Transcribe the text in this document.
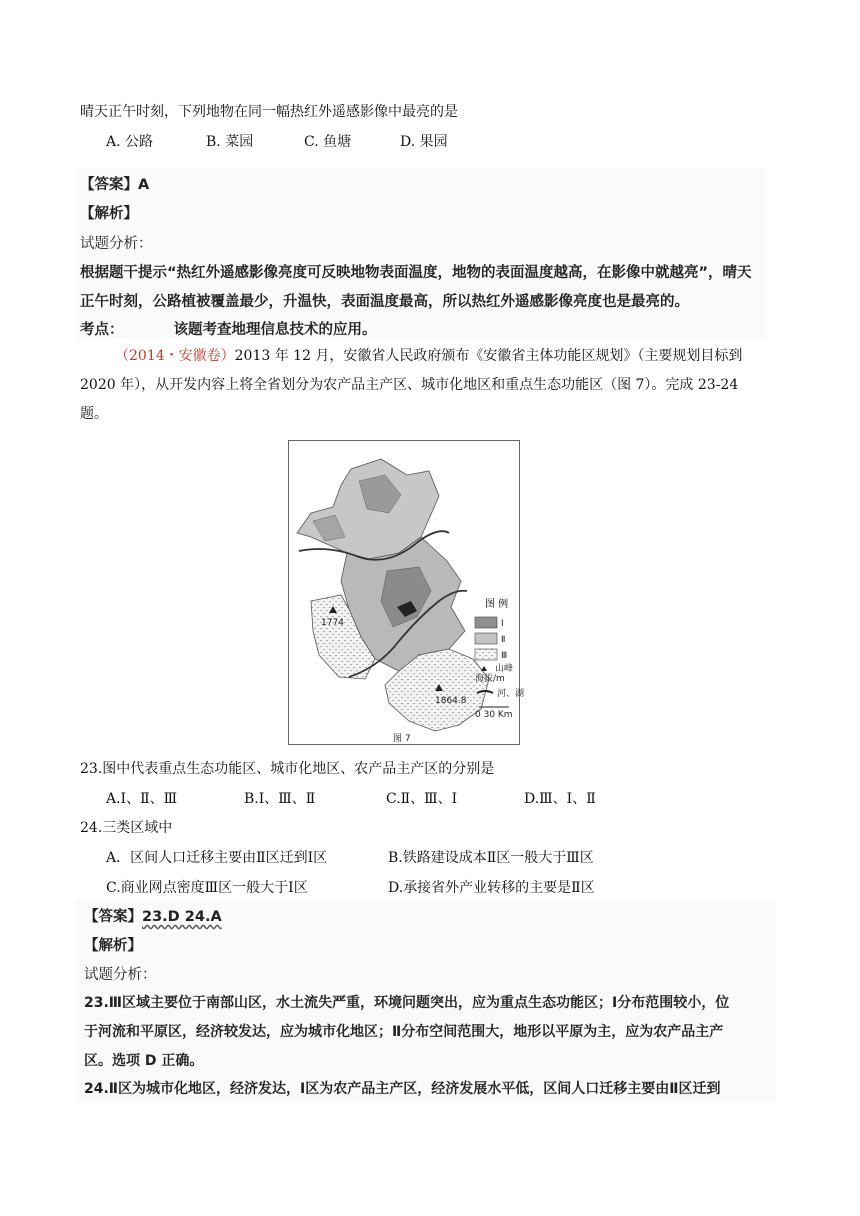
晴天正午时刻，下列地物在同一幅热红外遥感影像中最亮的是
A. 公路	B. 菜园	C. 鱼塘	D. 果园
【答案】A
【解析】
试题分析：
根据题干提示“热红外遥感影像亮度可反映地物表面温度，地物的表面温度越高，在影像中就越亮”，晴天
正午时刻，公路植被覆盖最少，升温快，表面温度最高，所以热红外遥感影像亮度也是最亮的。
考点：	该题考查地理信息技术的应用。
（2014・安徽卷）2013 年 12 月，安徽省人民政府颁布《安徽省主体功能区规划》（主要规划目标到
2020 年），从开发内容上将全省划分为农产品主产区、城市化地区和重点生态功能区（图 7）。完成 23-24
题。
图 例
Ⅰ
Ⅱ
Ⅲ
山峰
海拔/m
河、湖
0 30 Km
1774
1864.8
图 7
23.图中代表重点生态功能区、城市化地区、农产品主产区的分别是
A.Ⅰ、Ⅱ、Ⅲ	B.Ⅰ、Ⅲ、Ⅱ	C.Ⅱ、Ⅲ、Ⅰ	D.Ⅲ、Ⅰ、Ⅱ
24.三类区域中
A．区间人口迁移主要由Ⅱ区迁到Ⅰ区	B.铁路建设成本Ⅱ区一般大于Ⅲ区
C.商业网点密度Ⅲ区一般大于Ⅰ区	D.承接省外产业转移的主要是Ⅱ区
【答案】23.D 24.A
【解析】
试题分析：
23.Ⅲ区域主要位于南部山区，水土流失严重，环境问题突出，应为重点生态功能区；Ⅰ分布范围较小，位
于河流和平原区，经济较发达，应为城市化地区；Ⅱ分布空间范围大，地形以平原为主，应为农产品主产
区。选项 D 正确。
24.Ⅱ区为城市化地区，经济发达，Ⅰ区为农产品主产区，经济发展水平低，区间人口迁移主要由Ⅱ区迁到
